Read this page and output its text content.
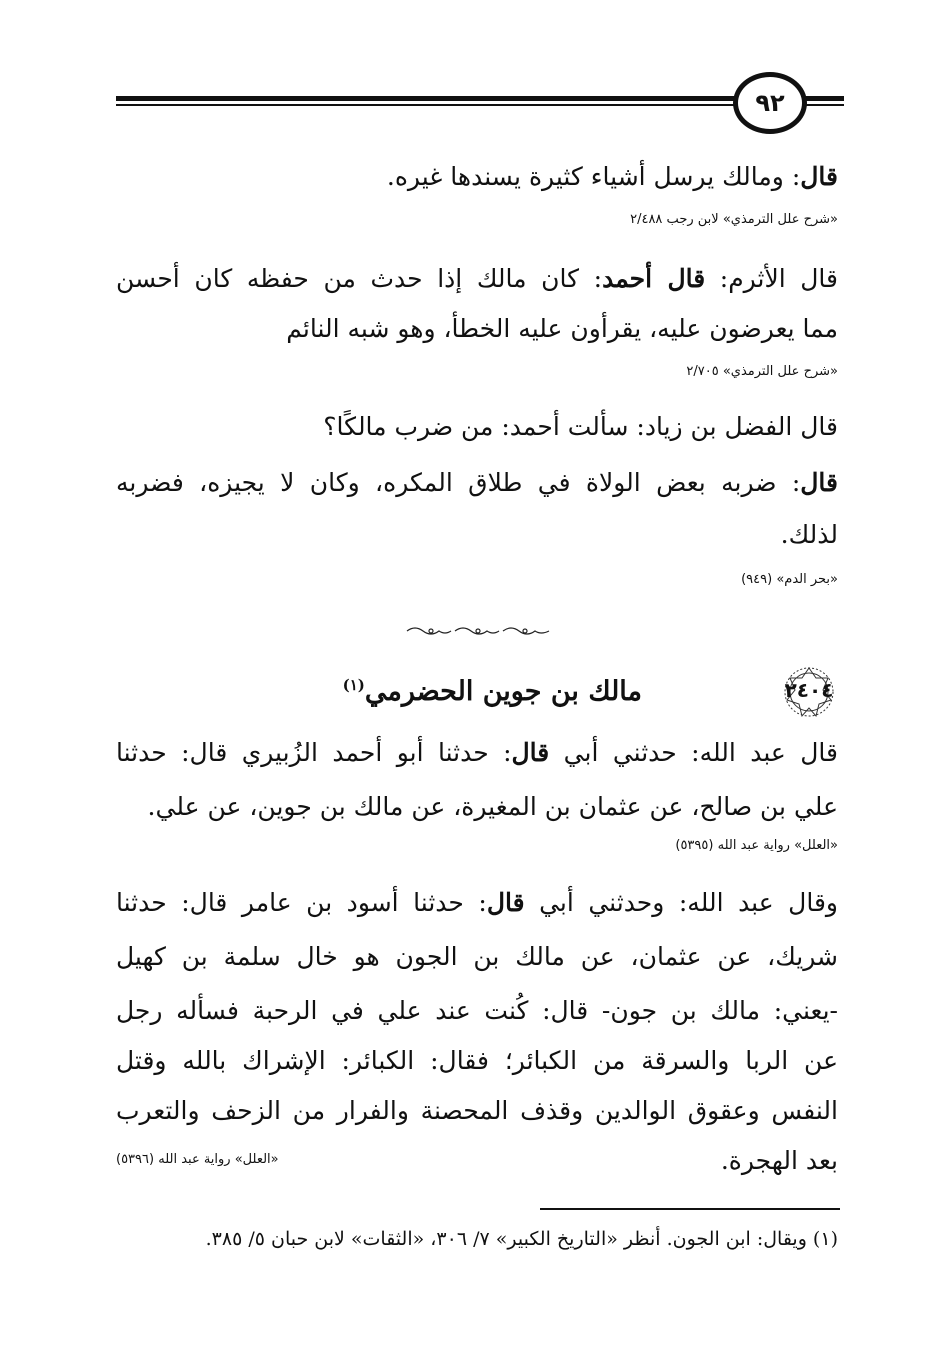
٩٢
قال: ومالك يرسل أشياء كثيرة يسندها غيره.
«شرح علل الترمذي» لابن رجب ٢/٤٨٨
قال الأثرم: قال أحمد: كان مالك إذا حدث من حفظه كان أحسن
مما يعرضون عليه، يقرأون عليه الخطأ، وهو شبه النائم
«شرح علل الترمذي» ٢/٧٠٥
قال الفضل بن زياد: سألت أحمد: من ضرب مالكًا؟
قال: ضربه بعض الولاة في طلاق المكره، وكان لا يجيزه، فضربه
لذلك.
«بحر الدم» (٩٤٩)
٢٤٠٤
مالك بن جوين الحضرمي$^{(١)}$
قال عبد الله: حدثني أبي قال: حدثنا أبو أحمد الزُبيري قال: حدثنا
علي بن صالح، عن عثمان بن المغيرة، عن مالك بن جوين، عن علي.
«العلل» رواية عبد الله (٥٣٩٥)
وقال عبد الله: وحدثني أبي قال: حدثنا أسود بن عامر قال: حدثنا
شريك، عن عثمان، عن مالك بن الجون هو خال سلمة بن كهيل
-يعني: مالك بن جون- قال: كُنت عند علي في الرحبة فسأله رجل
عن الربا والسرقة من الكبائر؛ فقال: الكبائر: الإشراك بالله وقتل
النفس وعقوق الوالدين وقذف المحصنة والفرار من الزحف والتعرب
بعد الهجرة.
«العلل» رواية عبد الله (٥٣٩٦)
(١) ويقال: ابن الجون. أنظر «التاريخ الكبير» ٧/ ٣٠٦، «الثقات» لابن حبان ٥/ ٣٨٥.
